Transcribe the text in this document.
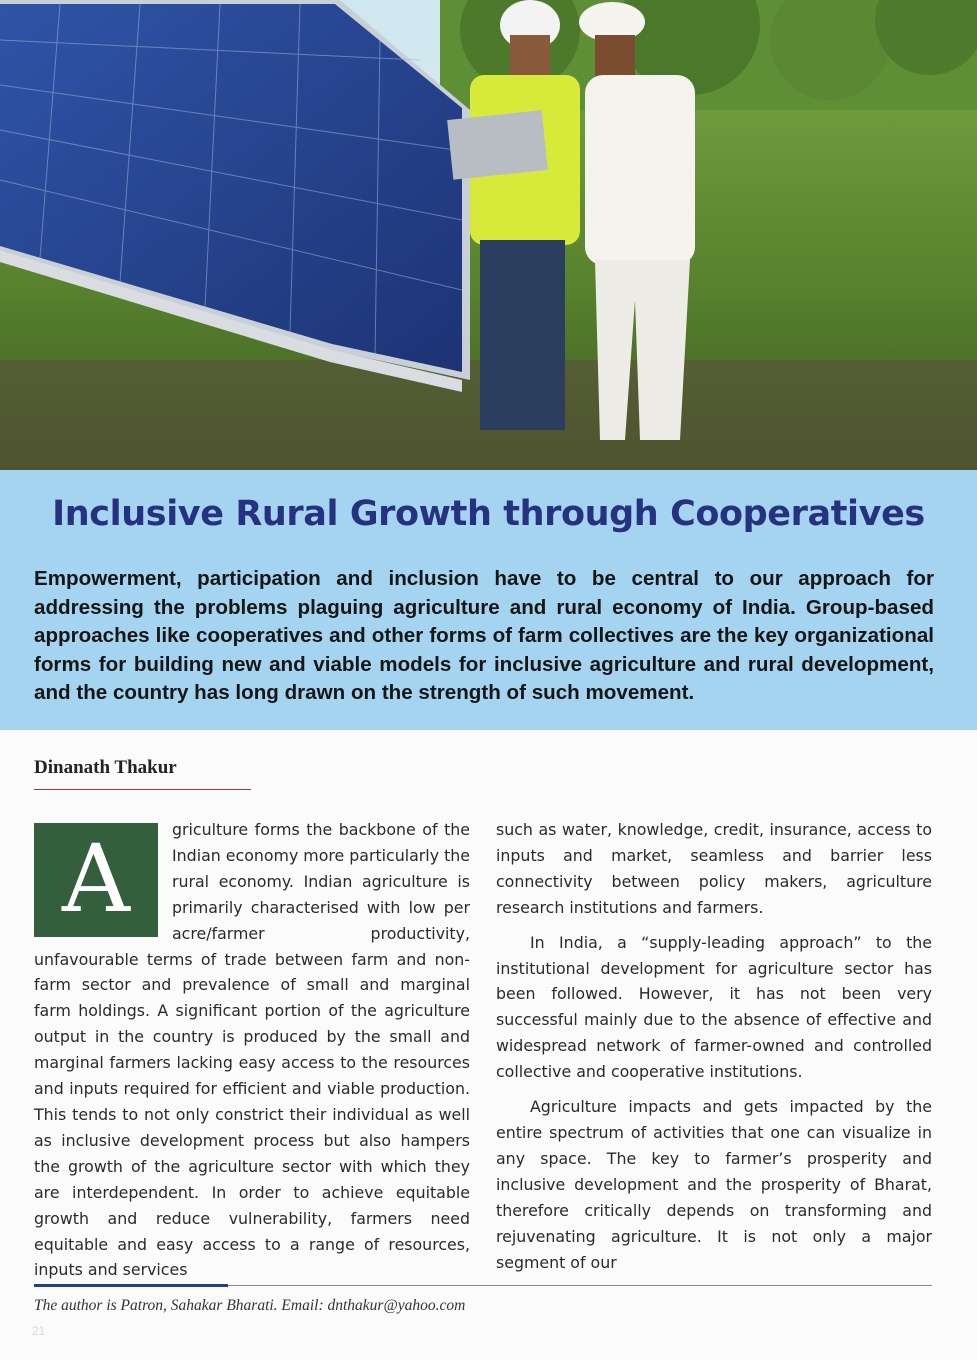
Inclusive Rural Growth through Cooperatives

Empowerment, participation and inclusion have to be central to our approach for addressing the problems plaguing agriculture and rural economy of India. Group-based approaches like cooperatives and other forms of farm collectives are the key organizational forms for building new and viable models for inclusive agriculture and rural development, and the country has long drawn on the strength of such movement.

Dinanath Thakur

A	griculture forms the backbone of the Indian economy more particularly the rural economy. Indian agriculture is primarily characterised with low per acre/farmer productivity, unfavourable terms of trade between farm and non-farm sector and prevalence of small and marginal farm holdings. A significant portion of the agriculture output in the country is produced by the small and marginal farmers lacking easy access to the resources and inputs required for efficient and viable production. This tends to not only constrict their individual as well as inclusive development process but also hampers the growth of the agriculture sector with which they are interdependent. In order to achieve equitable growth and reduce vulnerability, farmers need equitable and easy access to a range of resources, inputs and services

such as water, knowledge, credit, insurance, access to inputs and market, seamless and barrier less connectivity between policy makers, agriculture research institutions and farmers.

In India, a “supply-leading approach” to the institutional development for agriculture sector has been followed. However, it has not been very successful mainly due to the absence of effective and widespread network of farmer-owned and controlled collective and cooperative institutions.

Agriculture impacts and gets impacted by the entire spectrum of activities that one can visualize in any space. The key to farmer’s prosperity and inclusive development and the prosperity of Bharat, therefore critically depends on transforming and rejuvenating agriculture. It is not only a major segment of our

The author is Patron, Sahakar Bharati. Email: dnthakur@yahoo.com

21
